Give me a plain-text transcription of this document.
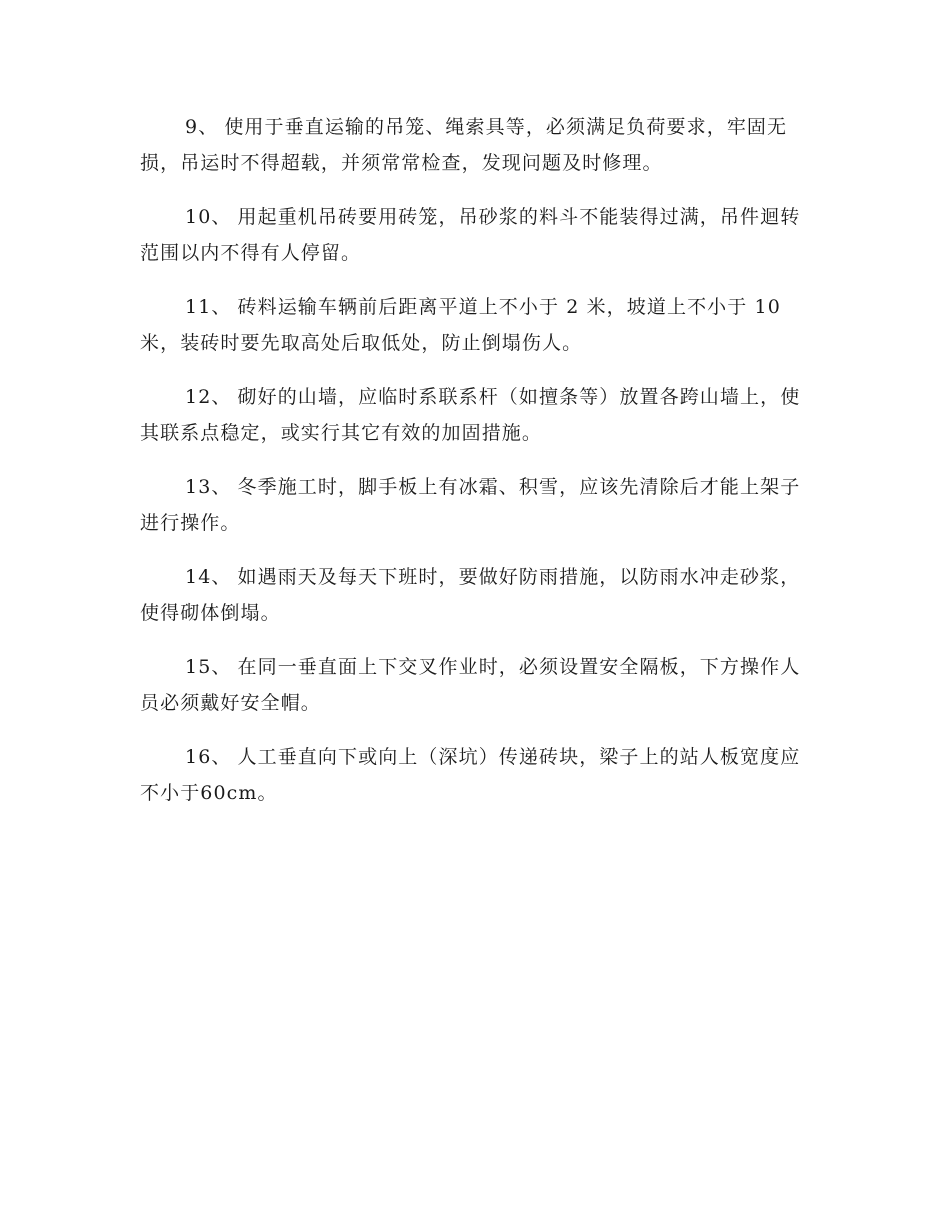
9、 使用于垂直运输的吊笼、绳索具等，必须满足负荷要求，牢固无损，吊运时不得超载，并须常常检查，发现问题及时修理。

10、 用起重机吊砖要用砖笼，吊砂浆的料斗不能装得过满，吊件迴转范围以内不得有人停留。

11、 砖料运输车辆前后距离平道上不小于 2 米，坡道上不小于 10 米，装砖时要先取高处后取低处，防止倒塌伤人。

12、 砌好的山墙，应临时系联系杆（如擅条等）放置各跨山墙上，使其联系点稳定，或实行其它有效的加固措施。

13、 冬季施工时，脚手板上有冰霜、积雪，应该先清除后才能上架子进行操作。

14、 如遇雨天及每天下班时，要做好防雨措施，以防雨水冲走砂浆，使得砌体倒塌。

15、 在同一垂直面上下交叉作业时，必须设置安全隔板，下方操作人员必须戴好安全帽。

16、 人工垂直向下或向上（深坑）传递砖块，梁子上的站人板宽度应不小于60cm。
